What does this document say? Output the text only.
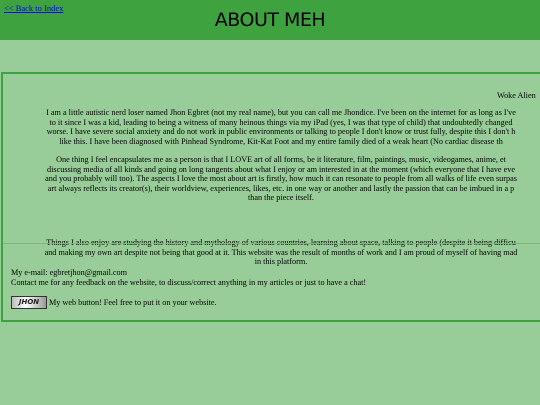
<< Back to Index
ABOUT MEH
Woke Alien
I am a little autistic nerd loser named Jhon Egbret (not my real name), but you can call me Jhondice. I've been on the internet for as long as I've
to it since I was a kid, leading to being a witness of many heinous things via my iPad (yes, I was that type of child) that undoubtedly changed
worse. I have severe social anxiety and do not work in public environments or talking to people I don't know or trust fully, despite this I don't h
like this. I have been diagnosed with Pinhead Syndrome, Kit-Kat Foot and my entire family died of a weak heart (No cardiac disease th
One thing I feel encapsulates me as a person is that I LOVE art of all forms, be it literature, film, paintings, music, videogames, anime, et
discussing media of all kinds and going on long tangents about what I enjoy or am interested in at the moment (which everyone that I have eve
and you probably will too). The aspects I love the most about art is firstly, how much it can resonate to people from all walks of life even surpas
art always reflects its creator(s), their worldview, experiences, likes, etc. in one way or another and lastly the passion that can be imbued in a p
than the piece itself.
Things I also enjoy are studying the history and mythology of various countries, learning about space, talking to people (despite it being difficu
and making my own art despite not being that good at it. This website was the result of months of work and I am proud of myself of having mad
in this platform.
My e-mail: egbretjhon@gmail.com
Contact me for any feedback on the website, to discuss/correct anything in my articles or just to have a chat!
JHON	My web button! Feel free to put it on your website.
